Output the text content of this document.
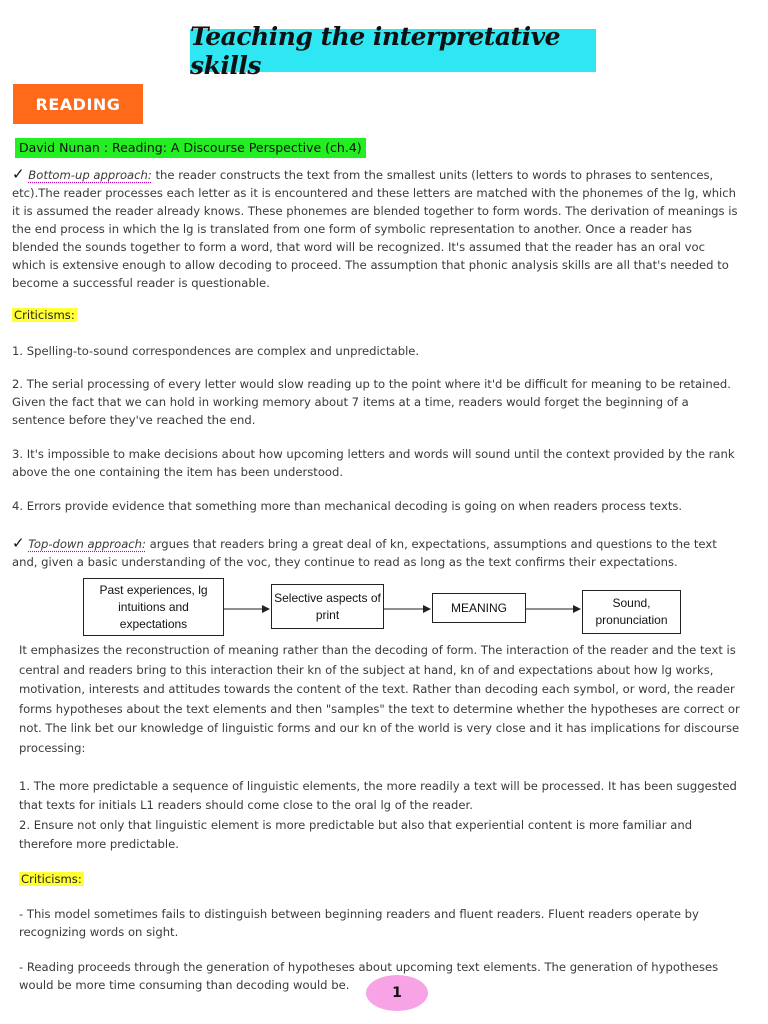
Teaching the interpretative skills
READING
David Nunan : Reading: A Discourse Perspective (ch.4)

✓ Bottom-up approach: the reader constructs the text from the smallest units (letters to words to phrases to sentences, etc).The reader processes each letter as it is encountered and these letters are matched with the phonemes of the lg, which it is assumed the reader already knows. These phonemes are blended together to form words. The derivation of meanings is the end process in which the lg is translated from one form of symbolic representation to another. Once a reader has blended the sounds together to form a word, that word will be recognized. It's assumed that the reader has an oral voc which is extensive enough to allow decoding to proceed. The assumption that phonic analysis skills are all that's needed to become a successful reader is questionable.

Criticisms:

1. Spelling-to-sound correspondences are complex and unpredictable.

2. The serial processing of every letter would slow reading up to the point where it'd be difficult for meaning to be retained. Given the fact that we can hold in working memory about 7 items at a time, readers would forget the beginning of a sentence before they've reached the end.

3. It's impossible to make decisions about how upcoming letters and words will sound until the context provided by the rank above the one containing the item has been understood.

4. Errors provide evidence that something more than mechanical decoding is going on when readers process texts.

✓ Top-down approach: argues that readers bring a great deal of kn, expectations, assumptions and questions to the text and, given a basic understanding of the voc, they continue to read as long as the text confirms their expectations.

Past experiences, lg intuitions and expectations
Selective aspects of print	MEANING	Sound, pronunciation

It emphasizes the reconstruction of meaning rather than the decoding of form. The interaction of the reader and the text is central and readers bring to this interaction their kn of the subject at hand, kn of and expectations about how lg works, motivation, interests and attitudes towards the content of the text. Rather than decoding each symbol, or word, the reader forms hypotheses about the text elements and then "samples" the text to determine whether the hypotheses are correct or not. The link bet our knowledge of linguistic forms and our kn of the world is very close and it has implications for discourse processing:

1. The more predictable a sequence of linguistic elements, the more readily a text will be processed. It has been suggested that texts for initials L1 readers should come close to the oral lg of the reader.

2. Ensure not only that linguistic element is more predictable but also that experiential content is more familiar and therefore more predictable.

Criticisms:

- This model sometimes fails to distinguish between beginning readers and fluent readers. Fluent readers operate by recognizing words on sight.

- Reading proceeds through the generation of hypotheses about upcoming text elements. The generation of hypotheses would be more time consuming than decoding would be.	1
